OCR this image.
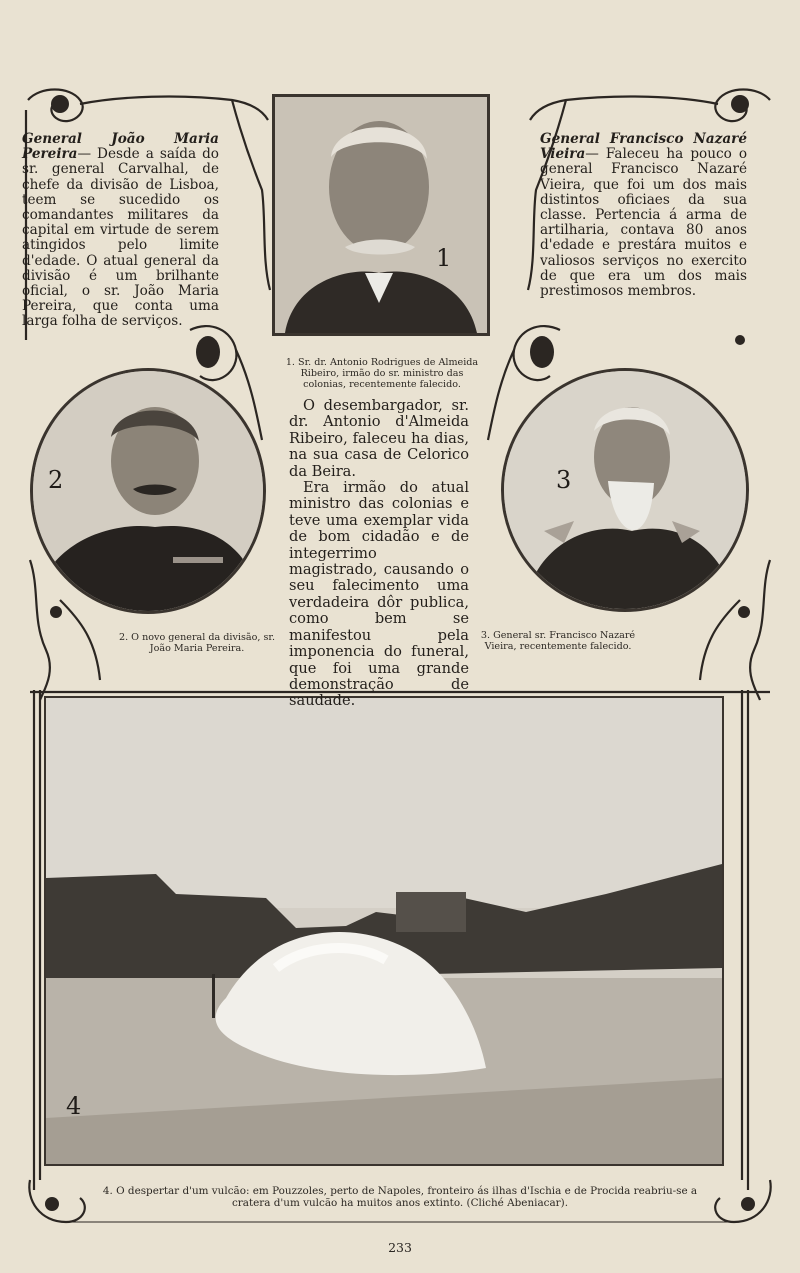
1
2	3
4
General João Maria Pereira— Desde a saída do sr. general Carvalhal, de chefe da divisão de Lisboa, teem se sucedido os comandantes militares da capital em virtude de serem atingidos pelo limite d'edade. O atual general da divisão é um brilhante oficial, o sr. João Maria Pereira, que conta uma larga folha de serviços.
General Francisco Nazaré Vieira— Faleceu ha pouco o general Francisco Nazaré Vieira, que foi um dos mais distintos oficiaes da sua classe. Pertencia á arma de artilharia, contava 80 anos d'edade e prestára muitos e valiosos serviços no exercito de que era um dos mais prestimosos membros.

O desembargador, sr. dr. Antonio d'Almeida Ribeiro, faleceu ha dias, na sua casa de Celorico da Beira.

Era irmão do atual ministro das colonias e teve uma exemplar vida de bom cidadão e de integerrimo magistrado, causando o seu falecimento uma verdadeira dôr publica, como bem se manifestou pela imponencia do funeral, que foi uma grande demonstração de saudade.

1. Sr. dr. Antonio Rodrigues de Almeida Ribeiro, irmão do sr. ministro das colonias, recentemente falecido.
2. O novo general da divisão, sr. João Maria Pereira.
3. General sr. Francisco Nazaré Vieira, recentemente falecido.
4. O despertar d'um vulcão: em Pouzzoles, perto de Napoles, fronteiro ás ilhas d'Ischia e de Procida reabriu-se a cratera d'um vulcão ha muitos anos extinto. (Cliché Abeniacar).
233
